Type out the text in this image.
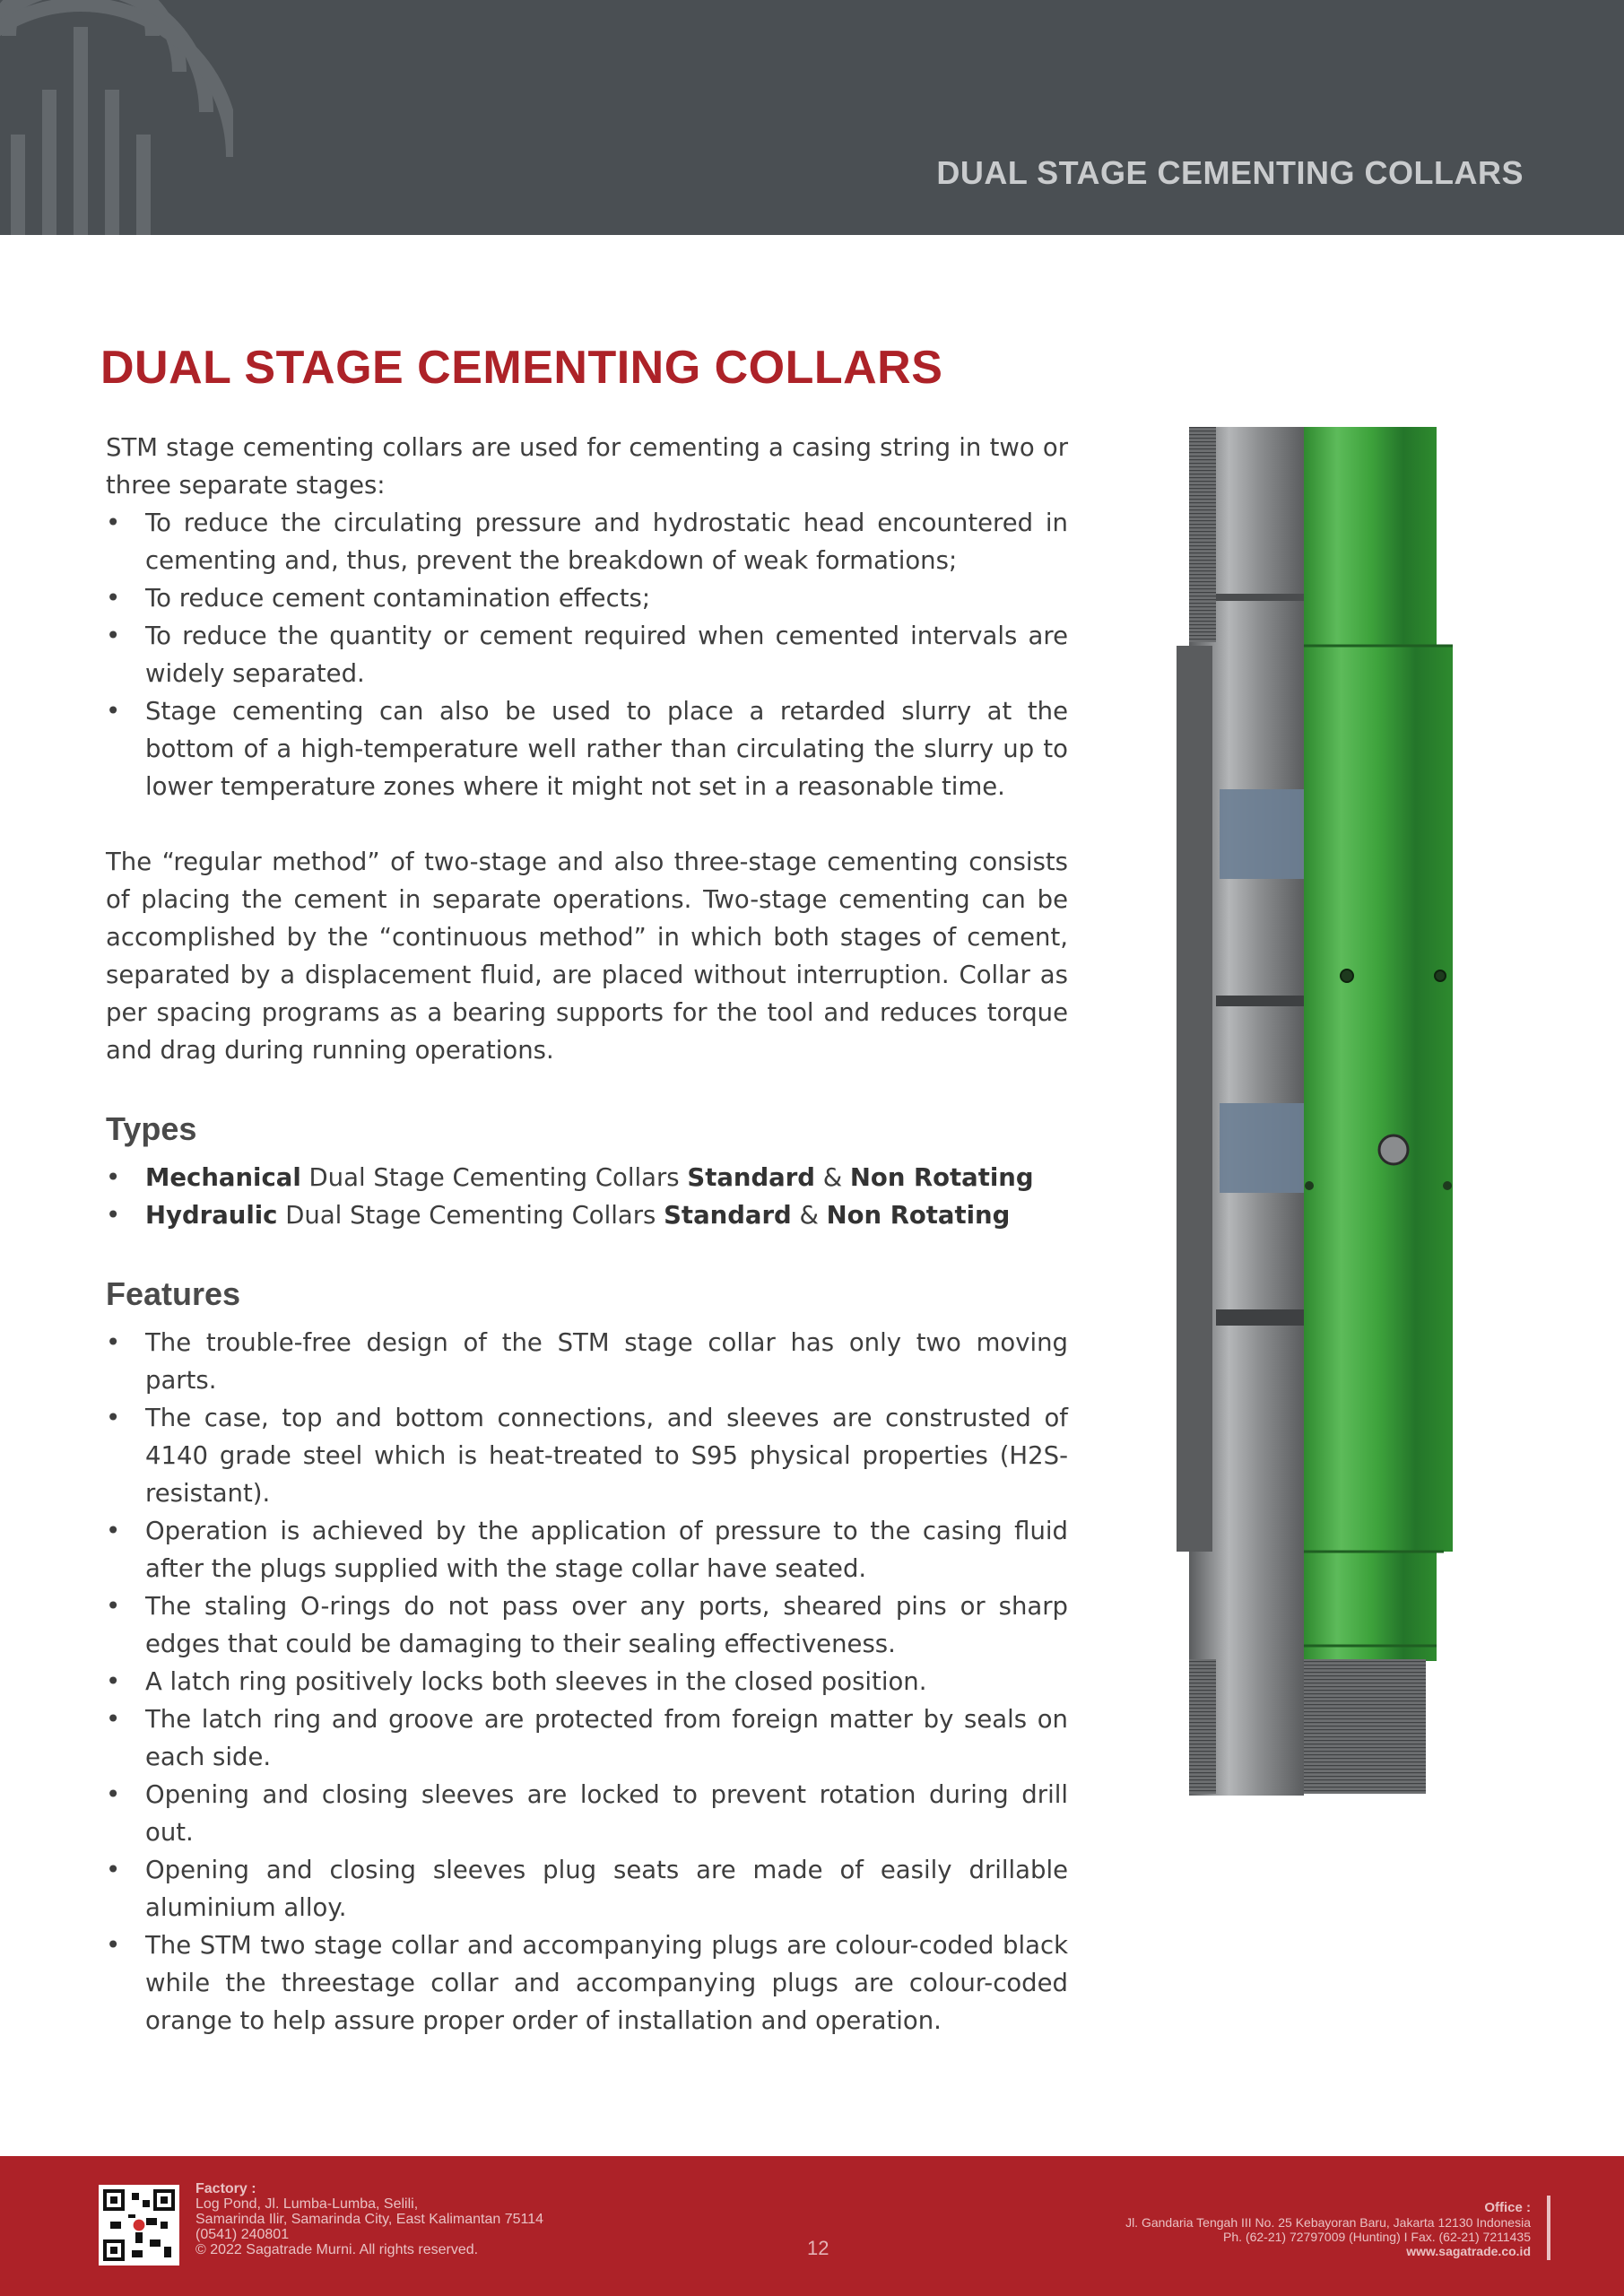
DUAL STAGE CEMENTING COLLARS
DUAL STAGE CEMENTING COLLARS

STM stage cementing collars are used for cementing a casing string in two or three separate stages:

• To reduce the circulating pressure and hydrostatic head encountered in cementing and, thus, prevent the breakdown of weak formations;
• To reduce cement contamination effects;
• To reduce the quantity or cement required when cemented intervals are widely separated.
• Stage cementing can also be used to place a retarded slurry at the bottom of a high-temperature well rather than circulating the slurry up to lower temperature zones where it might not set in a reasonable time.

The “regular method” of two-stage and also three-stage cementing consists of placing the cement in separate operations. Two-stage cementing can be accomplished by the “continuous method” in which both stages of cement, separated by a displacement fluid, are placed without interruption. Collar as per spacing programs as a bearing supports for the tool and reduces torque and drag during running operations.

Types
• Mechanical Dual Stage Cementing Collars Standard & Non Rotating
• Hydraulic Dual Stage Cementing Collars Standard & Non Rotating
Features
• The trouble-free design of the STM stage collar has only two moving parts.
• The case, top and bottom connections, and sleeves are construsted of 4140 grade steel which is heat-treated to S95 physical properties (H2S-resistant).
• Operation is achieved by the application of pressure to the casing fluid after the plugs supplied with the stage collar have seated.
• The staling O-rings do not pass over any ports, sheared pins or sharp edges that could be damaging to their sealing effectiveness.
• A latch ring positively locks both sleeves in the closed position.
• The latch ring and groove are protected from foreign matter by seals on each side.
• Opening and closing sleeves are locked to prevent rotation during drill out.
• Opening and closing sleeves plug seats are made of easily drillable aluminium alloy.
• The STM two stage collar and accompanying plugs are colour-coded black while the threestage collar and accompanying plugs are colour-coded orange to help assure proper order of installation and operation.
Factory :
Log Pond, Jl. Lumba-Lumba, Selili,
Samarinda Ilir, Samarinda City, East Kalimantan 75114
(0541) 240801
© 2022 Sagatrade Murni. All rights reserved.	12
Office :
Jl. Gandaria Tengah III No. 25 Kebayoran Baru, Jakarta 12130 Indonesia
Ph. (62-21) 72797009 (Hunting) I Fax. (62-21) 7211435
www.sagatrade.co.id
